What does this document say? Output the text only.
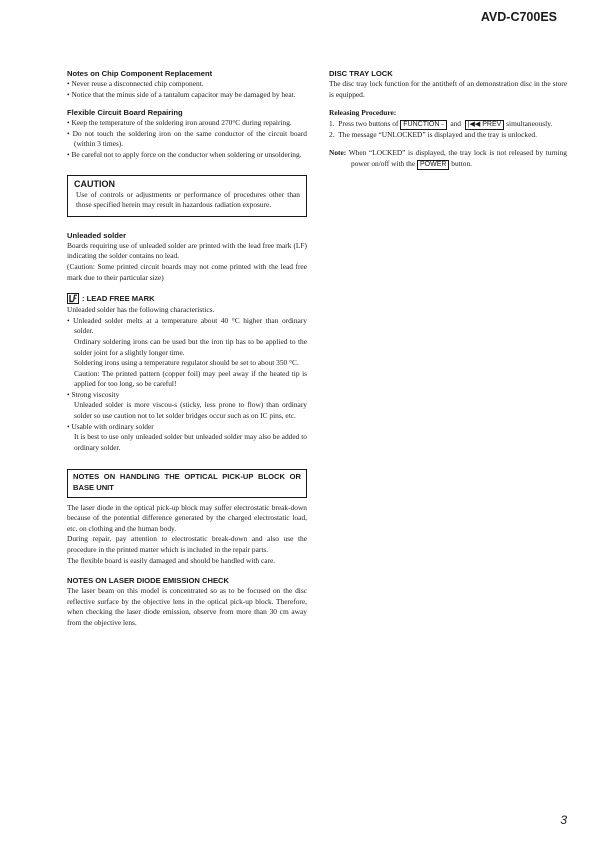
AVD-C700ES
Notes on Chip Component Replacement
• Never reuse a disconnected chip component.
• Notice that the minus side of a tantalum capacitor may be damaged by heat.
Flexible Circuit Board Repairing
• Keep the temperature of the soldering iron around 270°C during repairing.
• Do not touch the soldering iron on the same conductor of the circuit board (within 3 times).
• Be careful not to apply force on the conductor when soldering or unsoldering.
CAUTION
Use of controls or adjustments or performance of procedures other than those specified herein may result in hazardous radiation exposure.
Unleaded solder

Boards requiring use of unleaded solder are printed with the lead free mark (LF) indicating the solder contains no lead.

(Caution: Some printed circuit boards may not come printed with the lead free mark due to their particular size)

: LEAD FREE MARK

Unleaded solder has the following characteristics.

• Unleaded solder melts at a temperature about 40 °C higher than ordinary solder.

Ordinary soldering irons can be used but the iron tip has to be applied to the solder joint for a slightly longer time.

Soldering irons using a temperature regulator should be set to about 350 °C.

Caution: The printed pattern (copper foil) may peel away if the heated tip is applied for too long, so be careful!

• Strong viscosity

Unleaded solder is more viscou-s (sticky, less prone to flow) than ordinary solder so use caution not to let solder bridges occur such as on IC pins, etc.

• Usable with ordinary solder

It is best to use only unleaded solder but unleaded solder may also be added to ordinary solder.

NOTES ON HANDLING THE OPTICAL PICK-UP BLOCK OR BASE UNIT

The laser diode in the optical pick-up block may suffer electrostatic break-down because of the potential difference generated by the charged electrostatic load, etc. on clothing and the human body.

During repair, pay attention to electrostatic break-down and also use the procedure in the printed matter which is included in the repair parts.

The flexible board is easily damaged and should be handled with care.

NOTES ON LASER DIODE EMISSION CHECK

The laser beam on this model is concentrated so as to be focused on the disc reflective surface by the objective lens in the optical pick-up block. Therefore, when checking the laser diode emission, observe from more than 30 cm away from the objective lens.

DISC TRAY LOCK

The disc tray lock function for the antitheft of an demonstration disc in the store is equipped.

Releasing Procedure:

1. Press two buttons of FUNCTION – and |◀◀ PREV simultaneously.
2. The message “UNLOCKED” is displayed and the tray is unlocked.

Note: When “LOCKED” is displayed, the tray lock is not released by turning power on/off with the POWER button.

3
